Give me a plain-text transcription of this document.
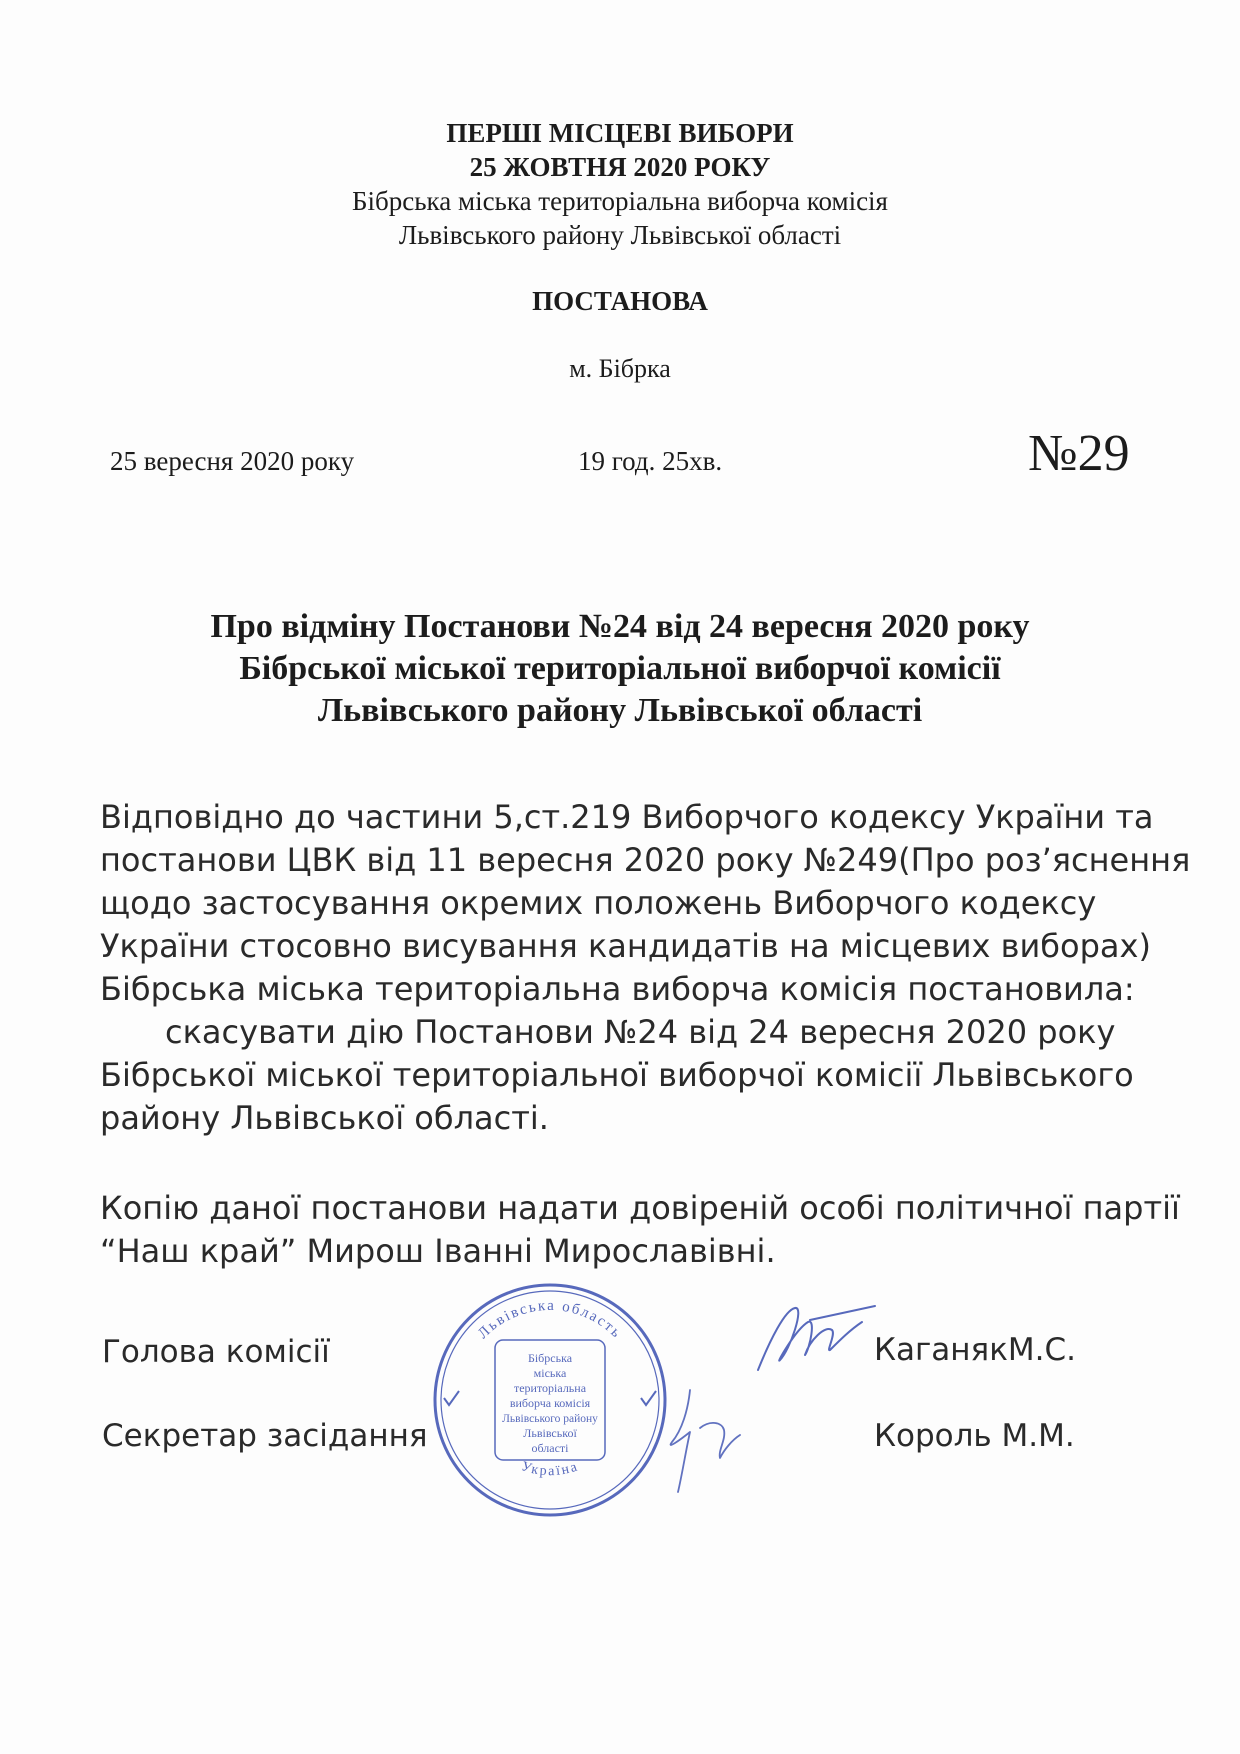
ПЕРШІ МІСЦЕВІ ВИБОРИ
25 ЖОВТНЯ 2020 РОКУ
Бібрська міська територіальна виборча комісія
Львівського району Львівської області
ПОСТАНОВА
м. Бібрка
25 вересня 2020 року	19 год. 25хв.	№29
Про відміну Постанови №24 від 24 вересня 2020 року
Бібрської міської територіальної виборчої комісії
Львівського району Львівської області
Відповідно до частини 5,ст.219 Виборчого кодексу України та
постанови ЦВК від 11 вересня 2020 року №249(Про роз’яснення
щодо застосування окремих положень Виборчого кодексу
України стосовно висування кандидатів на місцевих виборах)
Бібрська міська територіальна виборча комісія постановила:
скасувати дію Постанови №24 від 24 вересня 2020 року
Бібрської міської територіальної виборчої комісії Львівського
району Львівської області.
Копію даної постанови надати довіреній особі політичної партії
“Наш край” Мирош Іванні Мирославівні.
Голова комісії
Секретар засідання
КаганякМ.С.
Король М.М.
Львівська область
Україна
Бібрська
міська
територіальна
виборча комісія
Львівського району
Львівської
області
